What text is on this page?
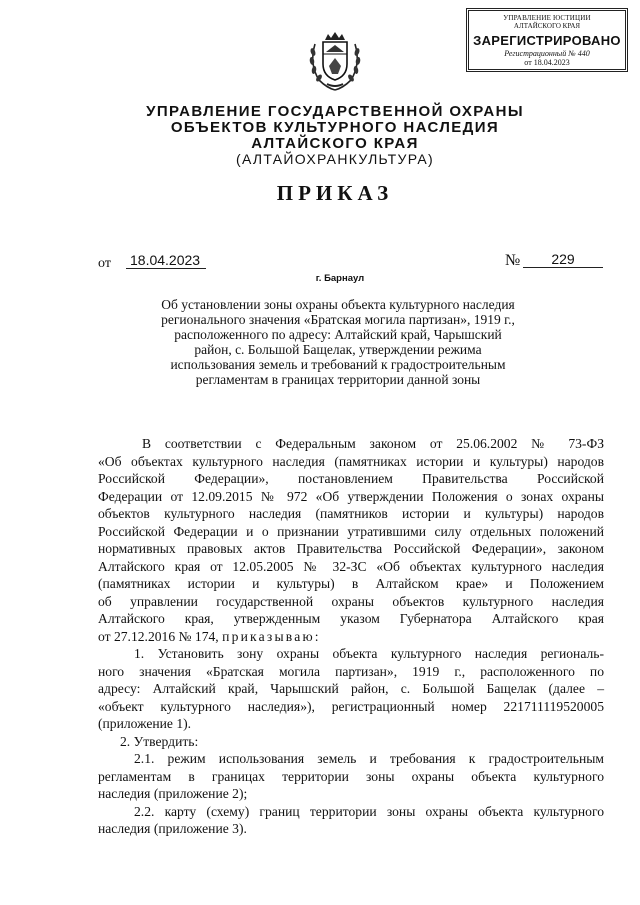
УПРАВЛЕНИЕ ЮСТИЦИИ
АЛТАЙСКОГО КРАЯ
ЗАРЕГИСТРИРОВАНО
Регистрационный № 440
от 18.04.2023
УПРАВЛЕНИЕ ГОСУДАРСТВЕННОЙ ОХРАНЫ
ОБЪЕКТОВ КУЛЬТУРНОГО НАСЛЕДИЯ
АЛТАЙСКОГО КРАЯ
(АЛТАЙОХРАНКУЛЬТУРА)
ПРИКАЗ
от 18.04.2023	№	229
г. Барнаул
Об установлении зоны охраны объекта культурного наследия
регионального значения «Братская могила партизан», 1919 г.,
расположенного по адресу: Алтайский край, Чарышский
район, с. Большой Бащелак, утверждении режима
использования земель и требований к градостроительным
регламентам в границах территории данной зоны
В соответствии с Федеральным законом от 25.06.2002 № 73-ФЗ
«Об объектах культурного наследия (памятниках истории и культуры) народов
Российской Федерации», постановлением Правительства Российской
Федерации от 12.09.2015 № 972 «Об утверждении Положения о зонах охраны
объектов культурного наследия (памятников истории и культуры) народов
Российской Федерации и о признании утратившими силу отдельных положений
нормативных правовых актов Правительства Российской Федерации», законом
Алтайского края от 12.05.2005 № 32-ЗС «Об объектах культурного наследия
(памятниках истории и культуры) в Алтайском крае» и Положением
об управлении государственной охраны объектов культурного наследия
Алтайского края, утвержденным указом Губернатора Алтайского края
от 27.12.2016 № 174, приказываю:
1. Установить зону охраны объекта культурного наследия региональ-
ного значения «Братская могила партизан», 1919 г., расположенного по
адресу: Алтайский край, Чарышский район, с. Большой Бащелак (далее –
«объект культурного наследия»), регистрационный номер 221711119520005
(приложение 1).
2. Утвердить:
2.1. режим использования земель и требования к градостроительным
регламентам в границах территории зоны охраны объекта культурного
наследия (приложение 2);
2.2. карту (схему) границ территории зоны охраны объекта культурного
наследия (приложение 3).
